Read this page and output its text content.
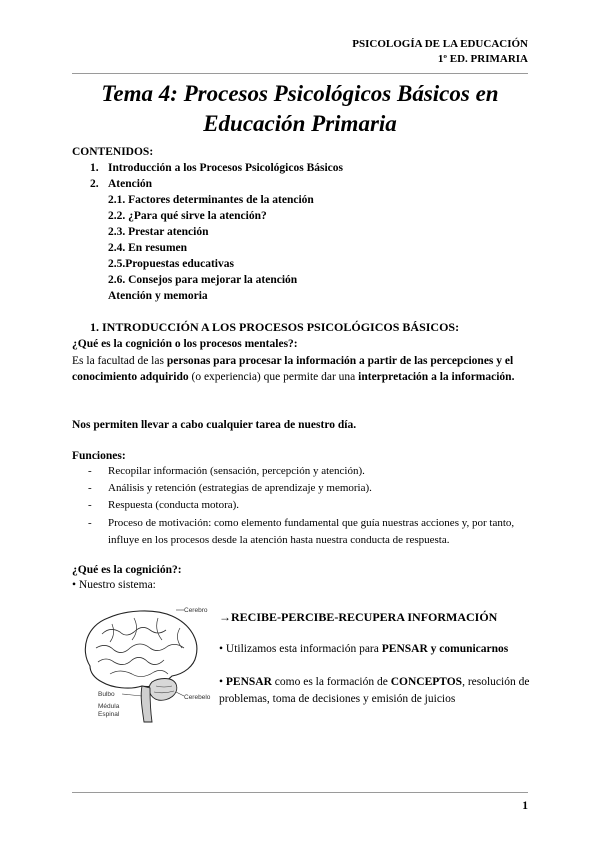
PSICOLOGÍA DE LA EDUCACIÓN
1º ED. PRIMARIA
Tema 4: Procesos Psicológicos Básicos en
Educación Primaria
CONTENIDOS:
1. Introducción a los Procesos Psicológicos Básicos
2. Atención
2.1. Factores determinantes de la atención
2.2. ¿Para qué sirve la atención?
2.3. Prestar atención
2.4. En resumen
2.5.Propuestas educativas
2.6. Consejos para mejorar la atención
Atención y memoria
1. INTRODUCCIÓN A LOS PROCESOS PSICOLÓGICOS BÁSICOS:
¿Qué es la cognición o los procesos mentales?:
Es la facultad de las personas para procesar la información a partir de las percepciones y el conocimiento adquirido (o experiencia) que permite dar una interpretación a la información.
Nos permiten llevar a cabo cualquier tarea de nuestro día.
Funciones:
- Recopilar información (sensación, percepción y atención).
- Análisis y retención (estrategias de aprendizaje y memoria).
- Respuesta (conducta motora).
- Proceso de motivación: como elemento fundamental que guía nuestras acciones y, por tanto, influye en los procesos desde la atención hasta nuestra conducta de respuesta.
¿Qué es la cognición?:
• Nuestro sistema:
Cerebro
Bulbo
Médula
Espinal
Cerebelo
→RECIBE-PERCIBE-RECUPERA INFORMACIÓN
• Utilizamos esta información para PENSAR y comunicarnos
• PENSAR como es la formación de CONCEPTOS, resolución de problemas, toma de decisiones y emisión de juicios
1
